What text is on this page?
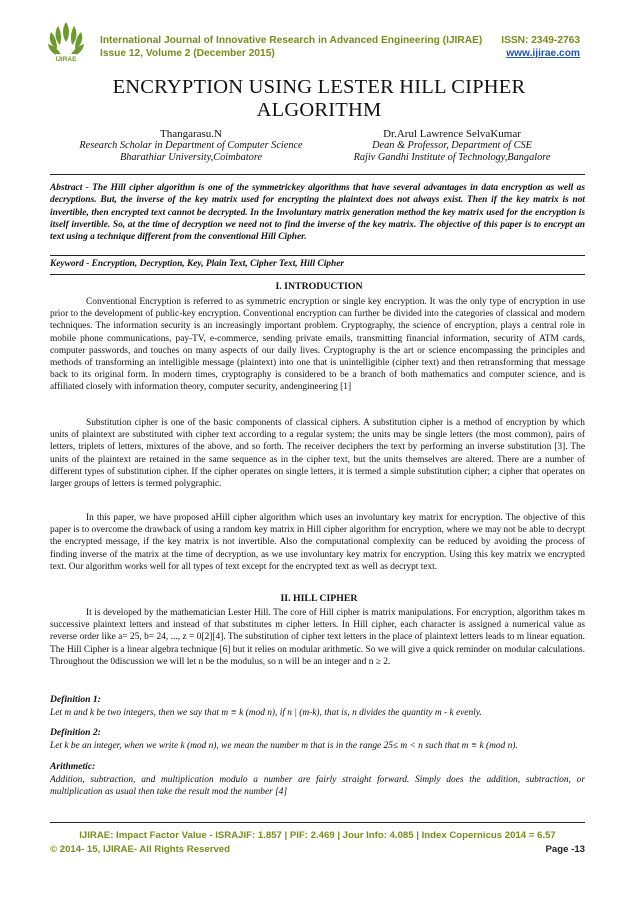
IJIRAE
International Journal of Innovative Research in Advanced Engineering (IJIRAE) ISSN: 2349-2763
Issue 12, Volume 2 (December 2015)	www.ijirae.com
ENCRYPTION USING LESTER HILL CIPHER
ALGORITHM
Thangarasu.N
Research Scholar in Department of Computer Science
Bharathiar University,Coimbatore
Dr.Arul Lawrence SelvaKumar
Dean & Professor, Department of CSE
Rajiv Gandhi Institute of Technology,Bangalore
Abstract - The Hill cipher algorithm is one of the symmetrickey algorithms that have several advantages in data encryption as well as decryptions. But, the inverse of the key matrix used for encrypting the plaintext does not always exist. Then if the key matrix is not invertible, then encrypted text cannot be decrypted. In the Involuntary matrix generation method the key matrix used for the encryption is itself invertible. So, at the time of decryption we need not to find the inverse of the key matrix. The objective of this paper is to encrypt an text using a technique different from the conventional Hill Cipher.
Keyword - Encryption, Decryption, Key, Plain Text, Cipher Text, Hill Cipher
I. INTRODUCTION
Conventional Encryption is referred to as symmetric encryption or single key encryption. It was the only type of encryption in use prior to the development of public-key encryption. Conventional encryption can further be divided into the categories of classical and modern techniques. The information security is an increasingly important problem. Cryptography, the science of encryption, plays a central role in mobile phone communications, pay-TV, e-commerce, sending private emails, transmitting financial information, security of ATM cards, computer passwords, and touches on many aspects of our daily lives. Cryptography is the art or science encompassing the principles and methods of transforming an intelligible message (plaintext) into one that is unintelligible (cipher text) and then retransforming that message back to its original form. In modern times, cryptography is considered to be a branch of both mathematics and computer science, and is affiliated closely with information theory, computer security, andengineering [1]
Substitution cipher is one of the basic components of classical ciphers. A substitution cipher is a method of encryption by which units of plaintext are substituted with cipher text according to a regular system; the units may be single letters (the most common), pairs of letters, triplets of letters, mixtures of the above, and so forth. The receiver deciphers the text by performing an inverse substitution [3]. The units of the plaintext are retained in the same sequence as in the cipher text, but the units themselves are altered. There are a number of different types of substitution cipher. If the cipher operates on single letters, it is termed a simple substitution cipher; a cipher that operates on larger groups of letters is termed polygraphic.
In this paper, we have proposed aHill cipher algorithm which uses an involuntary key matrix for encryption. The objective of this paper is to overcome the drawback of using a random key matrix in Hill cipher algorithm for encryption, where we may not be able to decrypt the encrypted message, if the key matrix is not invertible. Also the computational complexity can be reduced by avoiding the process of finding inverse of the matrix at the time of decryption, as we use involuntary key matrix for encryption. Using this key matrix we encrypted text. Our algorithm works well for all types of text except for the encrypted text as well as decrypt text.
II. HILL CIPHER
It is developed by the mathematician Lester Hill. The core of Hill cipher is matrix manipulations. For encryption, algorithm takes m successive plaintext letters and instead of that substitutes m cipher letters. In Hill cipher, each character is assigned a numerical value as reverse order like a= 25, b= 24, ..., z = 0[2][4]. The substitution of cipher text letters in the place of plaintext letters leads to m linear equation. The Hill Cipher is a linear algebra technique [6] but it relies on modular arithmetic. So we will give a quick reminder on modular calculations. Throughout the 0discussion we will let n be the modulus, so n will be an integer and n ≥ 2.
Definition 1:
Let m and k be two integers, then we say that m ≡ k (mod n), if n | (m-k), that is, n divides the quantity m - k evenly.
Definition 2:
Let k be an integer, when we write k (mod n), we mean the number m that is in the range 25≤ m < n such that m ≡ k (mod n).
Arithmetic:
Addition, subtraction, and multiplication modulo a number are fairly straight forward. Simply does the addition, subtraction, or multiplication as usual then take the result mod the number [4]
IJIRAE: Impact Factor Value - ISRAJIF: 1.857 | PIF: 2.469 | Jour Info: 4.085 | Index Copernicus 2014 = 6.57
© 2014- 15, IJIRAE- All Rights Reserved	Page -13
